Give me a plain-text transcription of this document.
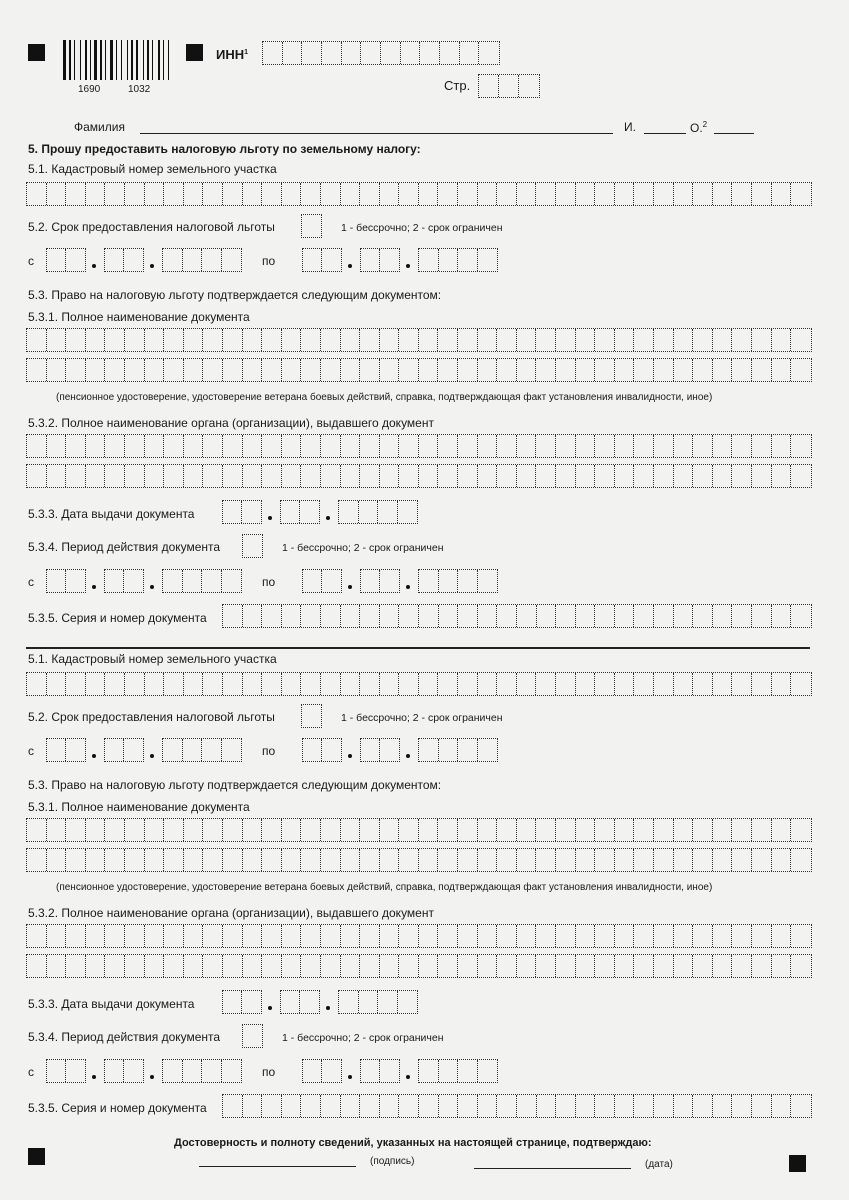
1690	1032
ИНН$^1$
Стр.
Фамилия	И.	О.$^2$
5. Прошу предоставить налоговую льготу по земельному налогу:
5.1. Кадастровый номер земельного участка
5.2. Срок предоставления налоговой льготы	1 - бессрочно; 2 - срок ограничен
с	по
5.3. Право на налоговую льготу подтверждается следующим документом:
5.3.1. Полное наименование документа
(пенсионное удостоверение, удостоверение ветерана боевых действий, справка, подтверждающая факт установления инвалидности, иное)
5.3.2. Полное наименование органа (организации), выдавшего документ
5.3.3. Дата выдачи документа
5.3.4. Период действия документа	1 - бессрочно; 2 - срок ограничен
с	по
5.3.5. Серия и номер документа
5.1. Кадастровый номер земельного участка
5.2. Срок предоставления налоговой льготы	1 - бессрочно; 2 - срок ограничен
с	по
5.3. Право на налоговую льготу подтверждается следующим документом:
5.3.1. Полное наименование документа
(пенсионное удостоверение, удостоверение ветерана боевых действий, справка, подтверждающая факт установления инвалидности, иное)
5.3.2. Полное наименование органа (организации), выдавшего документ
5.3.3. Дата выдачи документа
5.3.4. Период действия документа	1 - бессрочно; 2 - срок ограничен
с	по
5.3.5. Серия и номер документа
Достоверность и полноту сведений, указанных на настоящей странице, подтверждаю:
(подпись)	(дата)
